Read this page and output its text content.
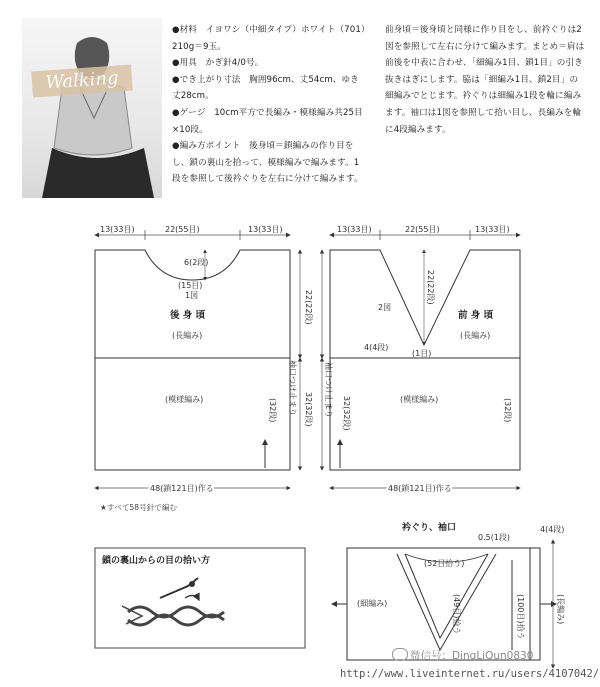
Walking

●材料　イヨワシ（中細タイプ）ホワイト（701）210g＝9玉。

●用具　かぎ針4/0号。

●でき上がり寸法　胸囲96cm、丈54cm、ゆき丈28cm。

●ゲージ　10cm平方で長編み・模様編み共25目×10段。

●編み方ポイント　後身頃＝鎖編みの作り目をし、鎖の裏山を拾って、模様編みで編みます。1段を参照して後衿ぐりを左右に分けて編みます。

前身頃＝後身頃と同様に作り目をし、前衿ぐりは2図を参照して左右に分けて編みます。まとめ＝肩は前後を中表に合わせ、「細編み1目、鎖1目」の引き抜きはぎにします。脇は「細編み1目、鎖2目」の細編みでとじます。衿ぐりは細編み1段を輪に編みます。袖口は1図を参照して拾い目し、長編みを輪に4段編みます。

13(33目)	22(55目)	13(33目)
6(2段)
(15目)
1図
後 身 頃
(長編み)
(模様編み)
22(22段)
32(32段)
袖口つけ止まり
(32段)
48(鎖121目)作る
13(33目)	22(55目)	13(33目)
22(22段)
(1目)
2図
前 身 頃
(長編み)
(模様編み)
4(4段)
袖口つけ止まり 32(32段)	(32段)
48(鎖121目)作る
(52目拾う)
(細編み)	(49目)拾う	(100目)拾う	(長編み)
0.5(1段)
4(4段)
★すべて58号針で編む
鎖の裏山からの目の拾い方
衿ぐり、袖口
微信号：DingLiQun0830
http://www.liveinternet.ru/users/4107042/
